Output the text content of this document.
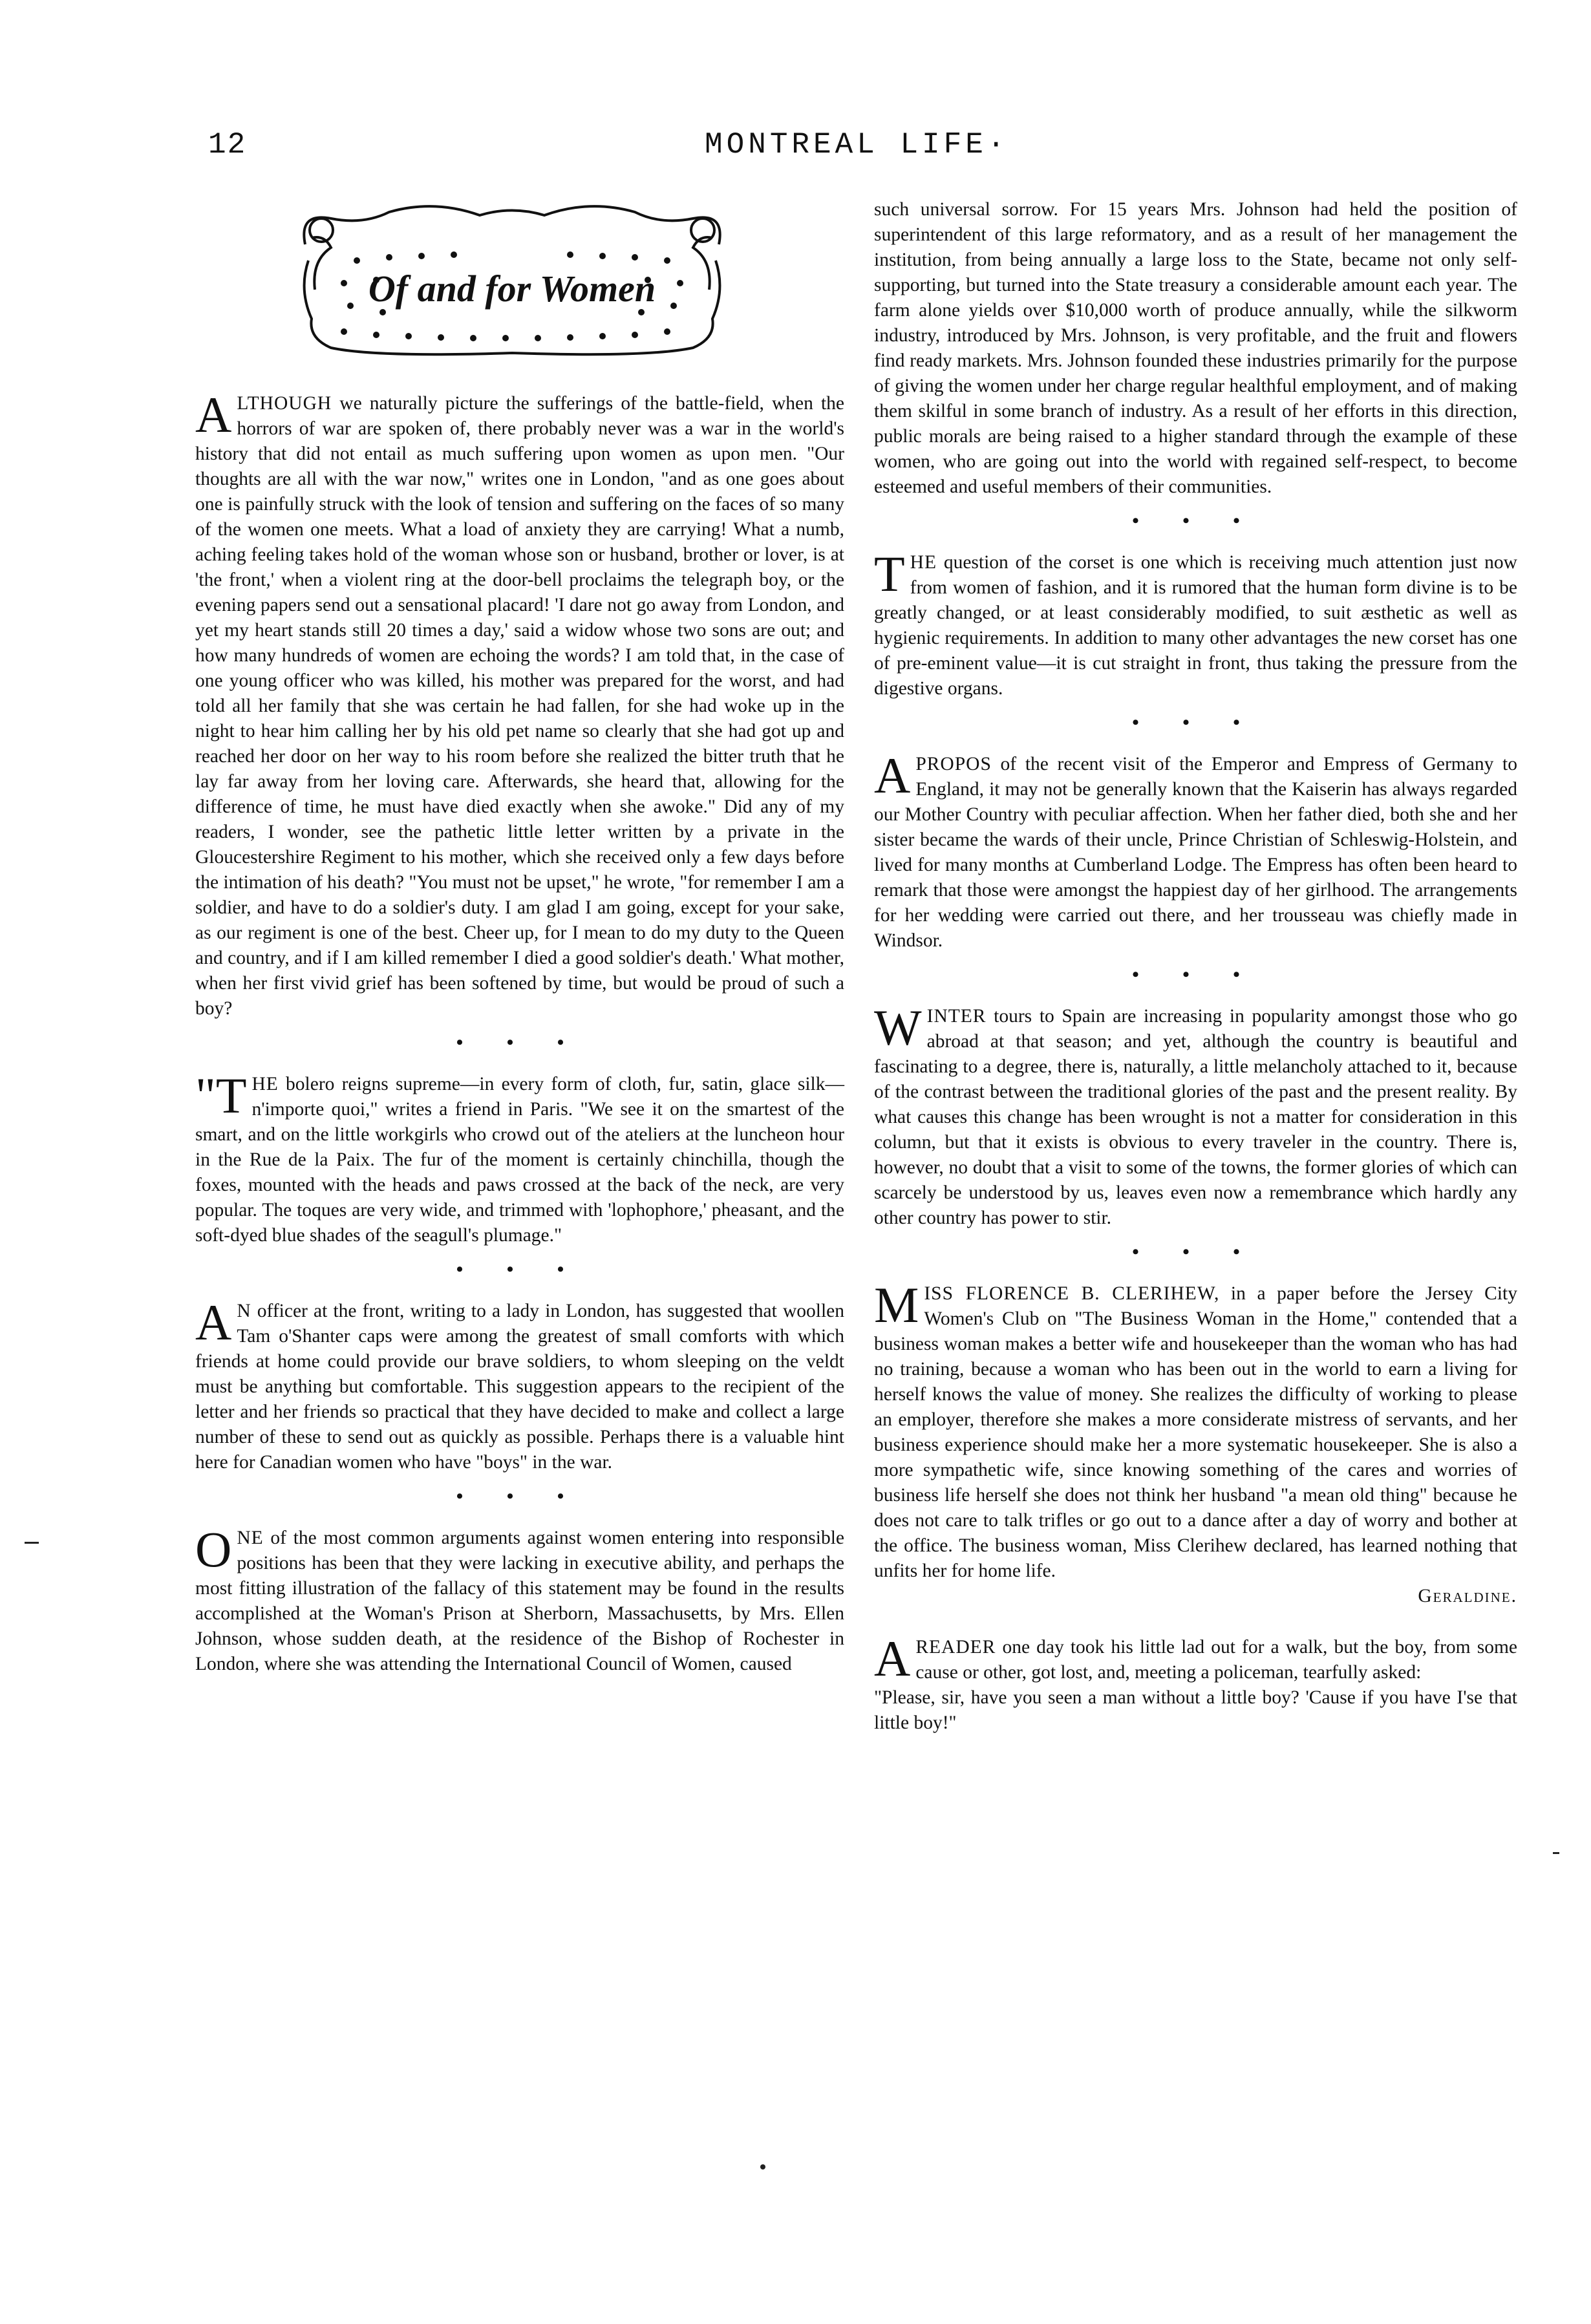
12	MONTREAL LIFE·
Of and for Women

ALTHOUGH we naturally picture the sufferings of the battle-field, when the horrors of war are spoken of, there probably never was a war in the world's history that did not entail as much suffering upon women as upon men. "Our thoughts are all with the war now," writes one in London, "and as one goes about one is painfully struck with the look of tension and suffering on the faces of so many of the women one meets. What a load of anxiety they are carrying! What a numb, aching feeling takes hold of the woman whose son or husband, brother or lover, is at 'the front,' when a violent ring at the door-bell proclaims the telegraph boy, or the evening papers send out a sensational placard! 'I dare not go away from London, and yet my heart stands still 20 times a day,' said a widow whose two sons are out; and how many hundreds of women are echoing the words? I am told that, in the case of one young officer who was killed, his mother was prepared for the worst, and had told all her family that she was certain he had fallen, for she had woke up in the night to hear him calling her by his old pet name so clearly that she had got up and reached her door on her way to his room before she realized the bitter truth that he lay far away from her loving care. Afterwards, she heard that, allowing for the difference of time, he must have died exactly when she awoke." Did any of my readers, I wonder, see the pathetic little letter written by a private in the Gloucestershire Regiment to his mother, which she received only a few days before the intimation of his death? "You must not be upset," he wrote, "for remember I am a soldier, and have to do a soldier's duty. I am glad I am going, except for your sake, as our regiment is one of the best. Cheer up, for I mean to do my duty to the Queen and country, and if I am killed remember I died a good soldier's death.' What mother, when her first vivid grief has been softened by time, but would be proud of such a boy?

• • •

"THE bolero reigns supreme—in every form of cloth, fur, satin, glace silk—n'importe quoi," writes a friend in Paris. "We see it on the smartest of the smart, and on the little workgirls who crowd out of the ateliers at the luncheon hour in the Rue de la Paix. The fur of the moment is certainly chinchilla, though the foxes, mounted with the heads and paws crossed at the back of the neck, are very popular. The toques are very wide, and trimmed with 'lophophore,' pheasant, and the soft-dyed blue shades of the seagull's plumage."

• • •

A N officer at the front, writing to a lady in London, has suggested that woollen Tam o'Shanter caps were among the greatest of small comforts with which friends at home could provide our brave soldiers, to whom sleeping on the veldt must be anything but comfortable. This suggestion appears to the recipient of the letter and her friends so practical that they have decided to make and collect a large number of these to send out as quickly as possible. Perhaps there is a valuable hint here for Canadian women who have "boys" in the war.

• • •

ONE of the most common arguments against women entering into responsible positions has been that they were lacking in executive ability, and perhaps the most fitting illustration of the fallacy of this statement may be found in the results accomplished at the Woman's Prison at Sherborn, Massachusetts, by Mrs. Ellen Johnson, whose sudden death, at the residence of the Bishop of Rochester in London, where she was attending the International Council of Women, caused

such universal sorrow. For 15 years Mrs. Johnson had held the position of superintendent of this large reformatory, and as a result of her management the institution, from being annually a large loss to the State, became not only self-supporting, but turned into the State treasury a considerable amount each year. The farm alone yields over $10,000 worth of produce annually, while the silkworm industry, introduced by Mrs. Johnson, is very profitable, and the fruit and flowers find ready markets. Mrs. Johnson founded these industries primarily for the purpose of giving the women under her charge regular healthful employment, and of making them skilful in some branch of industry. As a result of her efforts in this direction, public morals are being raised to a higher standard through the example of these women, who are going out into the world with regained self-respect, to become esteemed and useful members of their communities.

• • •

THE question of the corset is one which is receiving much attention just now from women of fashion, and it is rumored that the human form divine is to be greatly changed, or at least considerably modified, to suit æsthetic as well as hygienic requirements. In addition to many other advantages the new corset has one of pre-eminent value—it is cut straight in front, thus taking the pressure from the digestive organs.

• • •

APROPOS of the recent visit of the Emperor and Empress of Germany to England, it may not be generally known that the Kaiserin has always regarded our Mother Country with peculiar affection. When her father died, both she and her sister became the wards of their uncle, Prince Christian of Schleswig-Holstein, and lived for many months at Cumberland Lodge. The Empress has often been heard to remark that those were amongst the happiest day of her girlhood. The arrangements for her wedding were carried out there, and her trousseau was chiefly made in Windsor.

• • •

WINTER tours to Spain are increasing in popularity amongst those who go abroad at that season; and yet, although the country is beautiful and fascinating to a degree, there is, naturally, a little melancholy attached to it, because of the contrast between the traditional glories of the past and the present reality. By what causes this change has been wrought is not a matter for consideration in this column, but that it exists is obvious to every traveler in the country. There is, however, no doubt that a visit to some of the towns, the former glories of which can scarcely be understood by us, leaves even now a remembrance which hardly any other country has power to stir.

• • •

MISS FLORENCE B. CLERIHEW, in a paper before the Jersey City Women's Club on "The Business Woman in the Home," contended that a business woman makes a better wife and housekeeper than the woman who has had no training, because a woman who has been out in the world to earn a living for herself knows the value of money. She realizes the difficulty of working to please an employer, therefore she makes a more considerate mistress of servants, and her business experience should make her a more systematic housekeeper. She is also a more sympathetic wife, since knowing something of the cares and worries of business life herself she does not think her husband "a mean old thing" because he does not care to talk trifles or go out to a dance after a day of worry and bother at the office. The business woman, Miss Clerihew declared, has learned nothing that unfits her for home life.

Geraldine.

AREADER one day took his little lad out for a walk, but the boy, from some cause or other, got lost, and, meeting a policeman, tearfully asked:

"Please, sir, have you seen a man without a little boy? 'Cause if you have I'se that little boy!"
